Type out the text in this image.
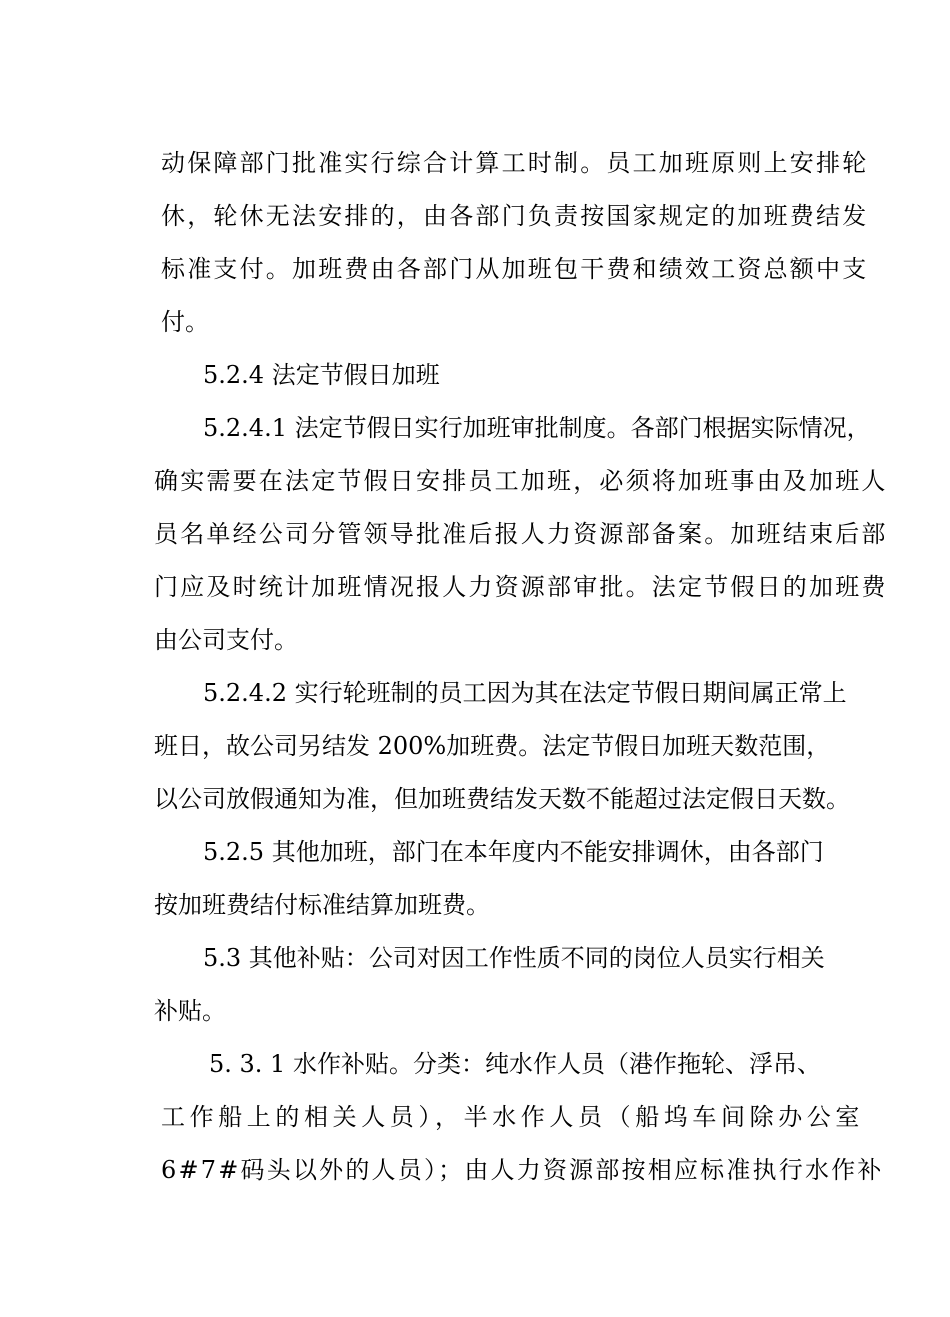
动保障部门批准实行综合计算工时制。员工加班原则上安排轮
休，轮休无法安排的，由各部门负责按国家规定的加班费结发
标准支付。加班费由各部门从加班包干费和绩效工资总额中支
付。
5.2.4 法定节假日加班
5.2.4.1 法定节假日实行加班审批制度。各部门根据实际情况，
确实需要在法定节假日安排员工加班，必须将加班事由及加班人
员名单经公司分管领导批准后报人力资源部备案。加班结束后部
门应及时统计加班情况报人力资源部审批。法定节假日的加班费
由公司支付。
5.2.4.2 实行轮班制的员工因为其在法定节假日期间属正常上
班日，故公司另结发 200%加班费。法定节假日加班天数范围，
以公司放假通知为准，但加班费结发天数不能超过法定假日天数。
5.2.5 其他加班，部门在本年度内不能安排调休，由各部门
按加班费结付标准结算加班费。
5.3 其他补贴：公司对因工作性质不同的岗位人员实行相关
补贴。
5. 3. 1 水作补贴。分类：纯水作人员（港作拖轮、浮吊、
工作船上的相关人员），半水作人员（船坞车间除办公室
6#7#码头以外的人员）；由人力资源部按相应标准执行水作补
